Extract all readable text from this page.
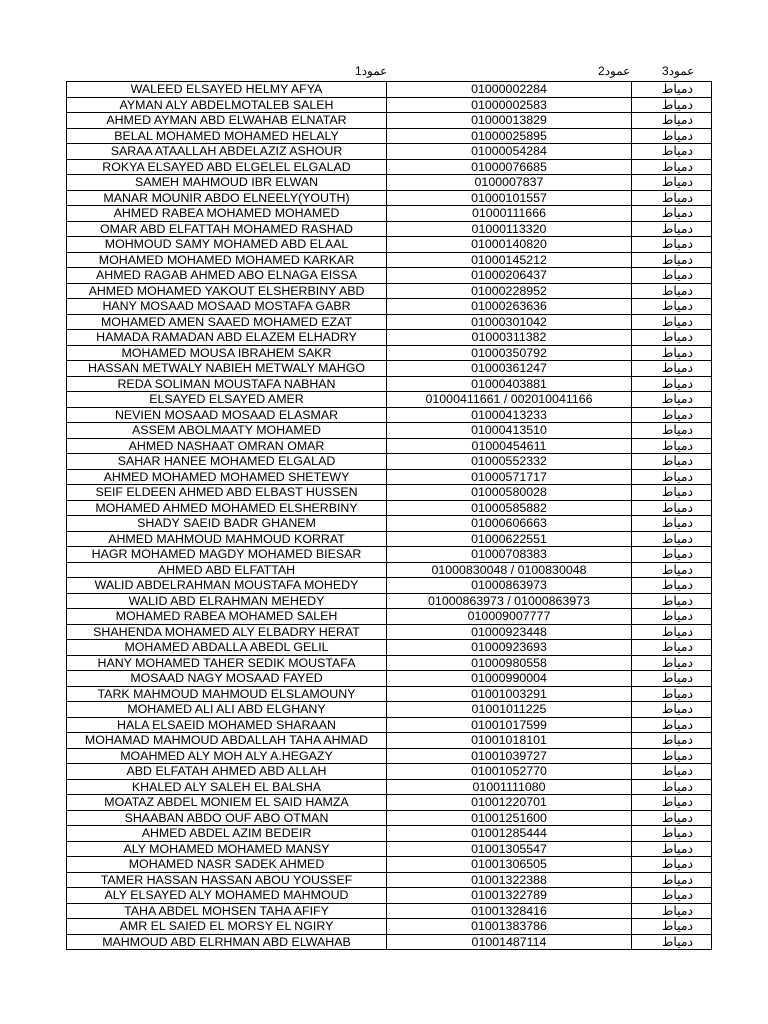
عمود1	عمود2	عمود3
WALEED ELSAYED HELMY AFYA	01000002284	دمياط
AYMAN ALY ABDELMOTALEB SALEH	01000002583	دمياط
AHMED AYMAN ABD ELWAHAB ELNATAR	01000013829	دمياط
BELAL MOHAMED MOHAMED HELALY	01000025895	دمياط
SARAA ATAALLAH ABDELAZIZ ASHOUR	01000054284	دمياط
ROKYA ELSAYED ABD ELGELEL ELGALAD	01000076685	دمياط
SAMEH MAHMOUD IBR ELWAN	0100007837	دمياط
MANAR MOUNIR ABDO ELNEELY(YOUTH)	01000101557	دمياط
AHMED RABEA MOHAMED MOHAMED	01000111666	دمياط
OMAR ABD ELFATTAH MOHAMED RASHAD	01000113320	دمياط
MOHMOUD SAMY MOHAMED ABD ELAAL	01000140820	دمياط
MOHAMED MOHAMED MOHAMED KARKAR	01000145212	دمياط
AHMED RAGAB AHMED ABO ELNAGA EISSA	01000206437	دمياط
AHMED MOHAMED YAKOUT ELSHERBINY ABD	01000228952	دمياط
HANY MOSAAD MOSAAD MOSTAFA GABR	01000263636	دمياط
MOHAMED AMEN SAAED MOHAMED EZAT	01000301042	دمياط
HAMADA RAMADAN ABD ELAZEM ELHADRY	01000311382	دمياط
MOHAMED MOUSA IBRAHEM SAKR	01000350792	دمياط
HASSAN METWALY NABIEH METWALY MAHGO	01000361247	دمياط
REDA SOLIMAN MOUSTAFA NABHAN	01000403881	دمياط
ELSAYED ELSAYED AMER	01000411661 / 002010041166	دمياط
NEVIEN MOSAAD MOSAAD ELASMAR	01000413233	دمياط
ASSEM ABOLMAATY MOHAMED	01000413510	دمياط
AHMED NASHAAT OMRAN OMAR	01000454611	دمياط
SAHAR HANEE MOHAMED ELGALAD	01000552332	دمياط
AHMED MOHAMED MOHAMED SHETEWY	01000571717	دمياط
SEIF ELDEEN AHMED ABD ELBAST HUSSEN	01000580028	دمياط
MOHAMED AHMED MOHAMED ELSHERBINY	01000585882	دمياط
SHADY SAEID BADR GHANEM	01000606663	دمياط
AHMED MAHMOUD MAHMOUD KORRAT	01000622551	دمياط
HAGR MOHAMED MAGDY MOHAMED BIESAR	01000708383	دمياط
AHMED ABD ELFATTAH	01000830048 / 0100830048	دمياط
WALID ABDELRAHMAN MOUSTAFA MOHEDY	01000863973	دمياط
WALID ABD ELRAHMAN MEHEDY	01000863973 / 01000863973	دمياط
MOHAMED RABEA MOHAMED SALEH	010009007777	دمياط
SHAHENDA MOHAMED ALY ELBADRY HERAT	01000923448	دمياط
MOHAMED ABDALLA ABEDL GELIL	01000923693	دمياط
HANY MOHAMED TAHER SEDIK MOUSTAFA	01000980558	دمياط
MOSAAD NAGY MOSAAD FAYED	01000990004	دمياط
TARK MAHMOUD MAHMOUD ELSLAMOUNY	01001003291	دمياط
MOHAMED ALI ALI ABD ELGHANY	01001011225	دمياط
HALA ELSAEID MOHAMED SHARAAN	01001017599	دمياط
MOHAMAD MAHMOUD ABDALLAH TAHA AHMAD	01001018101	دمياط
MOAHMED ALY MOH ALY A.HEGAZY	01001039727	دمياط
ABD ELFATAH AHMED ABD ALLAH	01001052770	دمياط
KHALED ALY SALEH EL BALSHA	01001111080	دمياط
MOATAZ ABDEL MONIEM EL SAID HAMZA	01001220701	دمياط
SHAABAN ABDO OUF ABO OTMAN	01001251600	دمياط
AHMED ABDEL AZIM BEDEIR	01001285444	دمياط
ALY MOHAMED MOHAMED MANSY	01001305547	دمياط
MOHAMED NASR SADEK AHMED	01001306505	دمياط
TAMER HASSAN HASSAN ABOU YOUSSEF	01001322388	دمياط
ALY ELSAYED ALY MOHAMED MAHMOUD	01001322789	دمياط
TAHA ABDEL MOHSEN TAHA AFIFY	01001328416	دمياط
AMR EL SAIED EL MORSY EL NGIRY	01001383786	دمياط
MAHMOUD ABD ELRHMAN ABD ELWAHAB	01001487114	دمياط
